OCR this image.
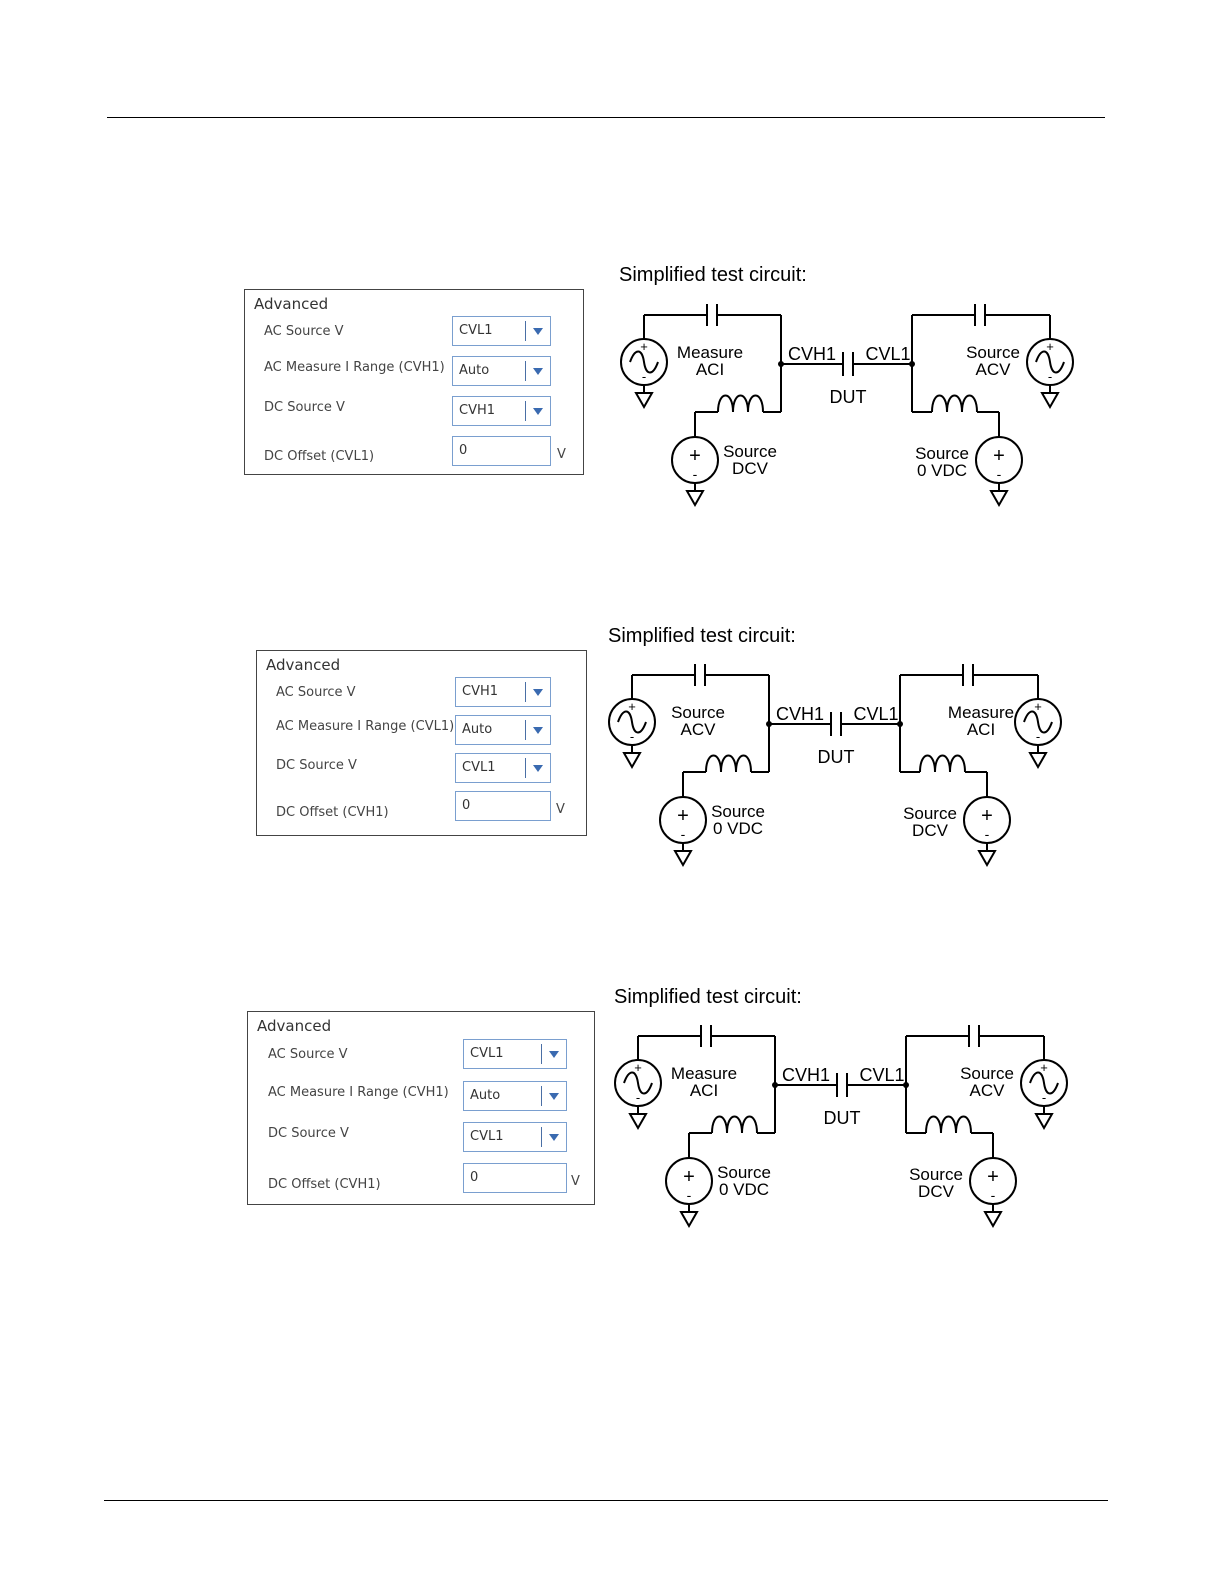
Advanced
AC Source V	CVL1
AC Measure I Range (CVH1) Auto
DC Source V	CVH1
DC Offset (CVL1)	0	V
Advanced
AC Source V	CVH1
AC Measure I Range (CVL1) Auto
DC Source V	CVL1
DC Offset (CVH1)	0	V
Advanced
AC Source V	CVL1
AC Measure I Range (CVH1) Auto
DC Source V	CVL1
DC Offset (CVH1)	0	V
Simplified test circuit:
Simplified test circuit:
Simplified test circuit:
+
-
+
-
+
-
+
-
Measure
ACI
Source
DCV
Source
ACV
Source
0 VDC
CVH1 CVL1
DUT
+
-
+
-
+
-
+
-
Source
ACV
Source
0 VDC
Measure
ACI
Source
DCV
CVH1 CVL1
DUT
+
-
+
-
+
-
+
-
Measure
ACI
Source
0 VDC
Source
ACV
Source
DCV
CVH1 CVL1
DUT
